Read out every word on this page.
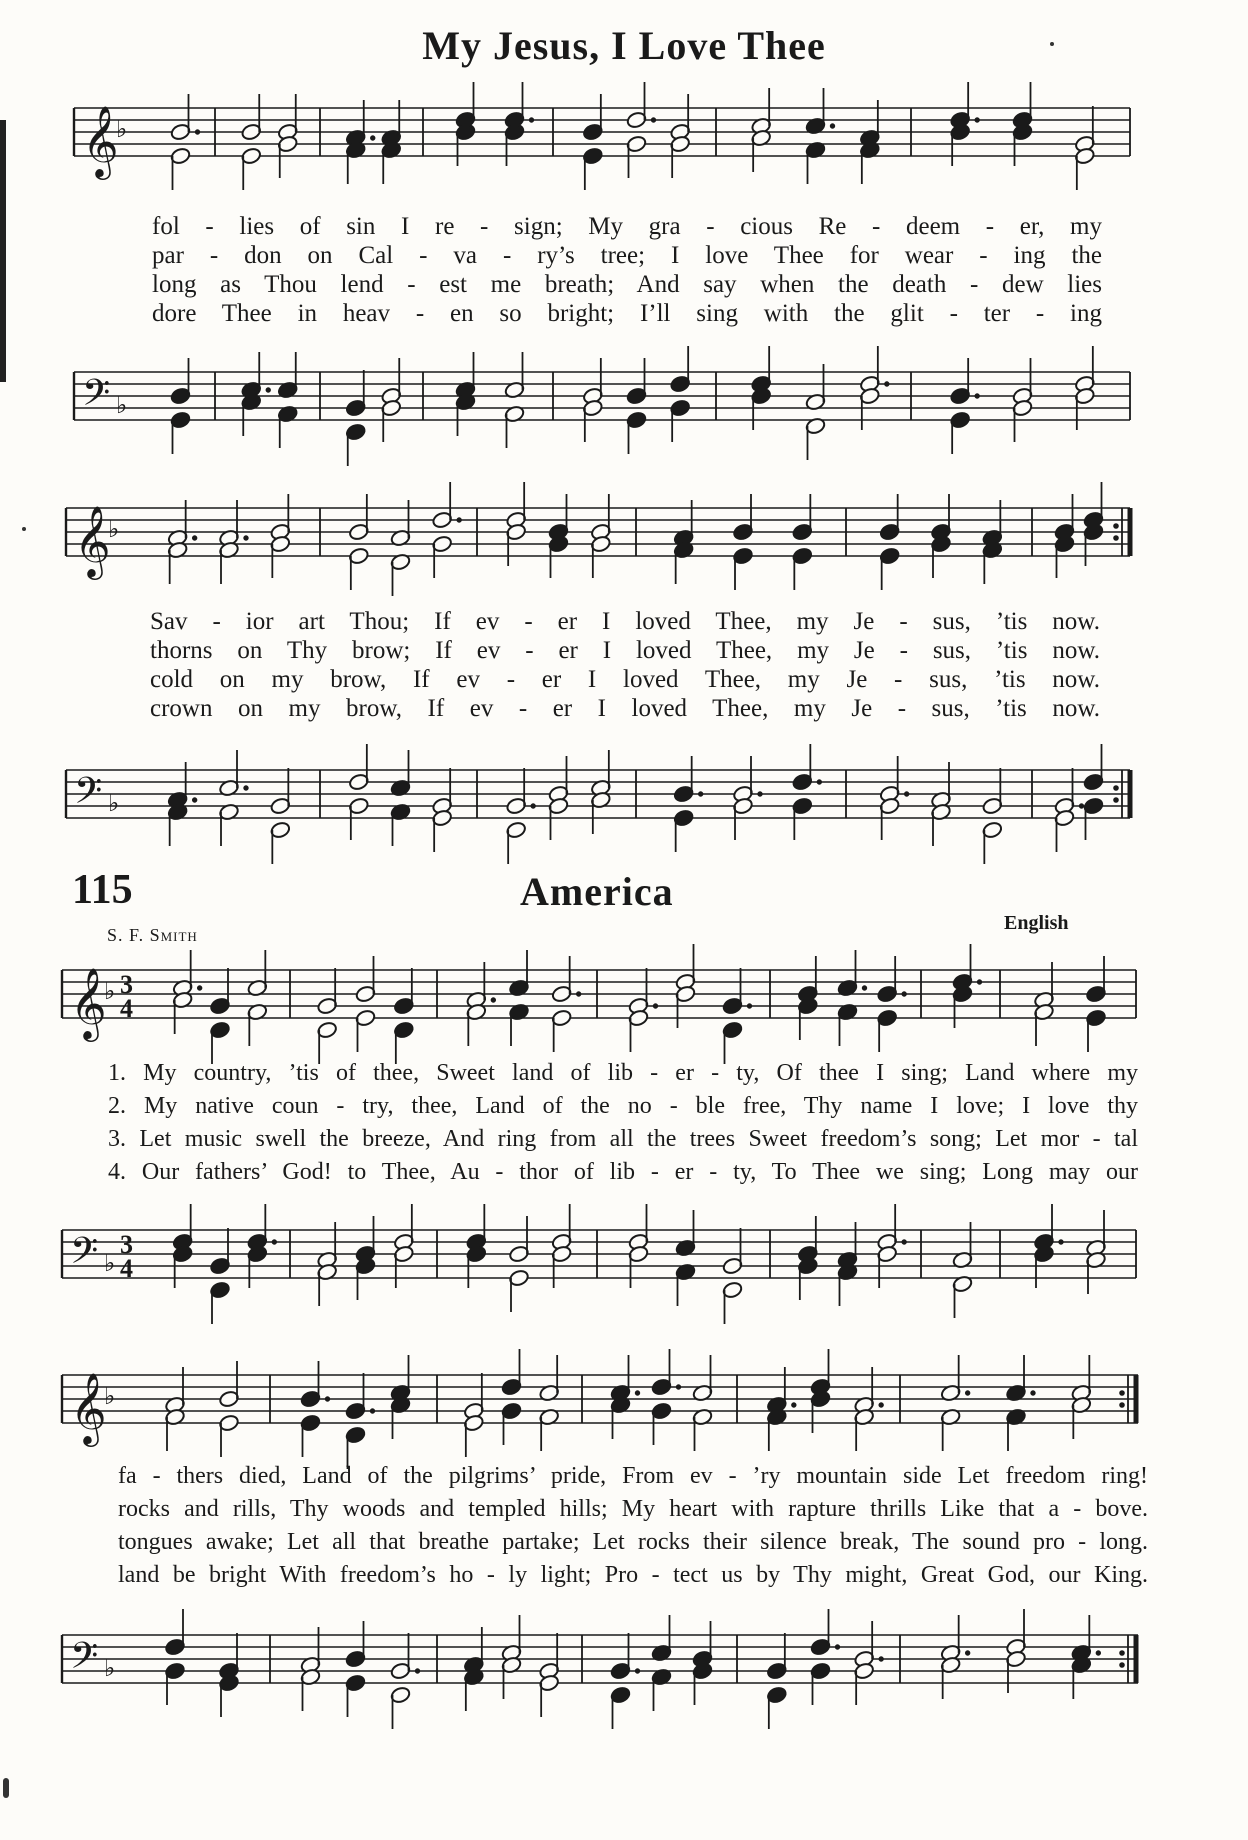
My Jesus, I Love Thee
𝄞
♭
fol - lies of sin I re - sign; My gra - cious Re - deem - er, my
par - don on Cal - va - ry’s tree; I love Thee for wear - ing the
long as Thou lend - est me breath; And say when the death - dew lies
dore Thee in heav - en so bright; I’ll sing with the glit - ter - ing
𝄢 ♭
𝄞
♭
Sav - ior art Thou; If ev - er I loved Thee, my Je - sus, ’tis now.
thorns on Thy brow; If ev - er I loved Thee, my Je - sus, ’tis now.
cold on my brow, If ev - er I loved Thee, my Je - sus, ’tis now.
crown on my brow, If ev - er I loved Thee, my Je - sus, ’tis now.
𝄢 ♭
115	America
S. F. Smith
English
𝄞
♭ 3
4
1. My country, ’tis of thee, Sweet land of lib - er - ty, Of thee I sing; Land where my
2. My native coun - try, thee, Land of the no - ble free, Thy name I love; I love thy
3. Let music swell the breeze, And ring from all the trees Sweet freedom’s song; Let mor - tal
4. Our fathers’ God! to Thee, Au - thor of lib - er - ty, To Thee we sing; Long may our
𝄢 ♭
3
4
𝄞
♭
fa - thers died, Land of the pilgrims’ pride, From ev - ’ry mountain side Let freedom ring!
rocks and rills, Thy woods and templed hills; My heart with rapture thrills Like that a - bove.
tongues awake; Let all that breathe partake; Let rocks their silence break, The sound pro - long.
land be bright With freedom’s ho - ly light; Pro - tect us by Thy might, Great God, our King.
𝄢 ♭
